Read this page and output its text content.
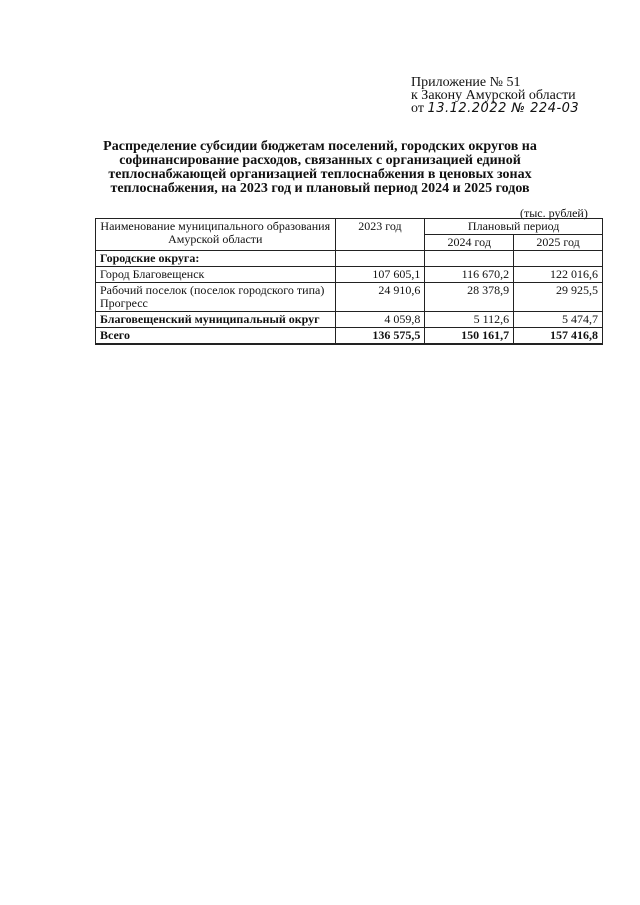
Приложение № 51
к Закону Амурской области
от 13.12.2022 № 224-03
Распределение субсидии бюджетам поселений, городских округов на софинансирование расходов, связанных с организацией единой теплоснабжающей организацией теплоснабжения в ценовых зонах теплоснабжения, на 2023 год и плановый период 2024 и 2025 годов
(тыс. рублей)
Наименование муниципального образования Амурской области	2023 год	Плановый период	
		2024 год	2025 год
Городские округа:			
Город Благовещенск	107 605,1	116 670,2	122 016,6
Рабочий поселок (поселок городского типа) Прогресс	24 910,6	28 378,9	29 925,5
Благовещенский муниципальный округ	4 059,8	5 112,6	5 474,7
Всего	136 575,5	150 161,7	157 416,8
